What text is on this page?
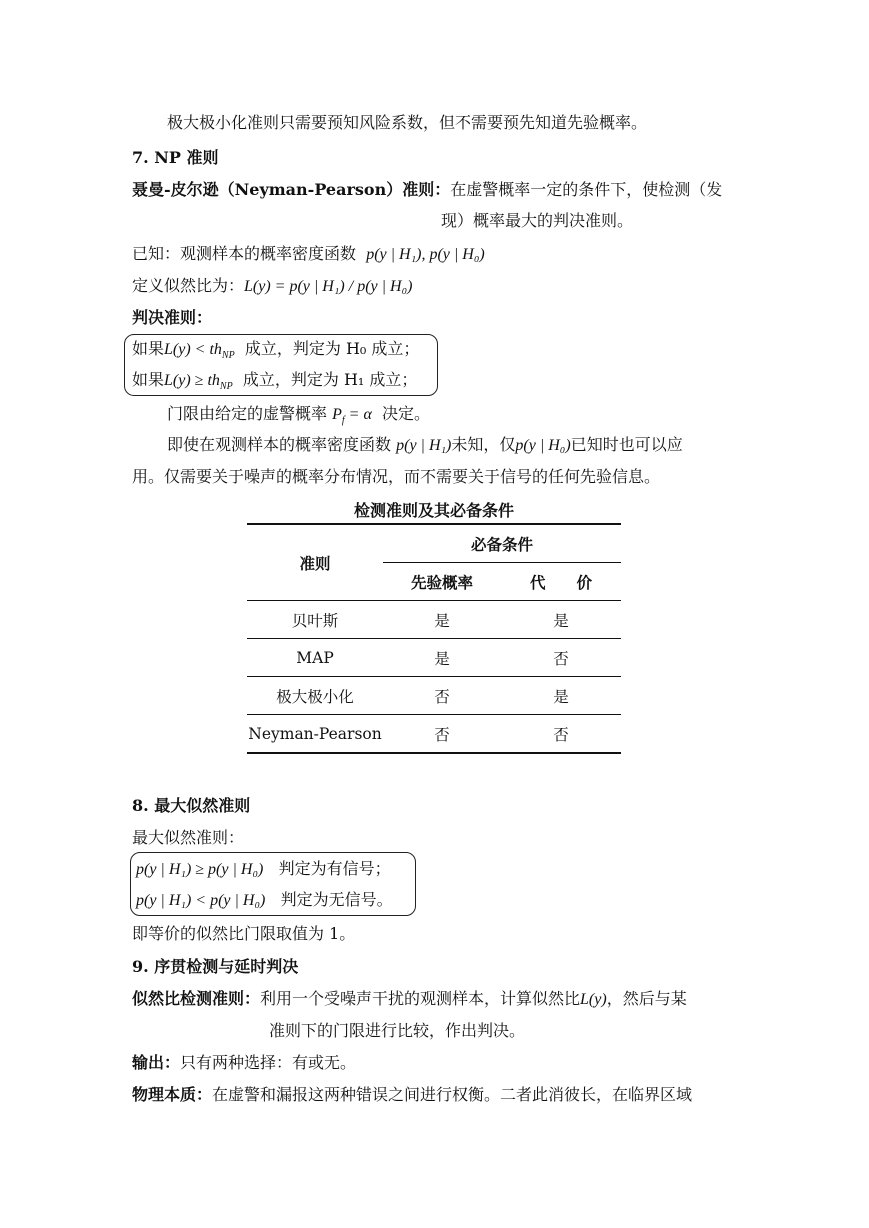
极大极小化准则只需要预知风险系数，但不需要预先知道先验概率。
7. NP 准则
聂曼-皮尔逊（Neyman-Pearson）准则：在虚警概率一定的条件下，使检测（发
现）概率最大的判决准则。
已知：观测样本的概率密度函数 p(y | H₁), p(y | H₀)
定义似然比为：L(y) = p(y | H₁) / p(y | H₀)
判决准则：
如果$L(y) < th_{NP}$ 成立，判定为 H₀ 成立；
如果$L(y) \ge th_{NP}$ 成立，判定为 H₁ 成立；
门限由给定的虚警概率 $P_f = \alpha$ 决定。
即使在观测样本的概率密度函数 p(y | H₁)未知，仅p(y | H₀)已知时也可以应
用。仅需要关于噪声的概率分布情况，而不需要关于信号的任何先验信息。
检测准则及其必备条件
准则	必备条件	
	先验概率	代　　价
贝叶斯	是	是
MAP	是	否
极大极小化	否	是
Neyman-Pearson	否	否
8. 最大似然准则
最大似然准则：
p(y | H₁) ≥ p(y | H₀) 判定为有信号；
p(y | H₁) < p(y | H₀) 判定为无信号。
即等价的似然比门限取值为 1。
9. 序贯检测与延时判决
似然比检测准则：利用一个受噪声干扰的观测样本，计算似然比L(y)，然后与某
准则下的门限进行比较，作出判决。
输出：只有两种选择：有或无。
物理本质：在虚警和漏报这两种错误之间进行权衡。二者此消彼长，在临界区域
